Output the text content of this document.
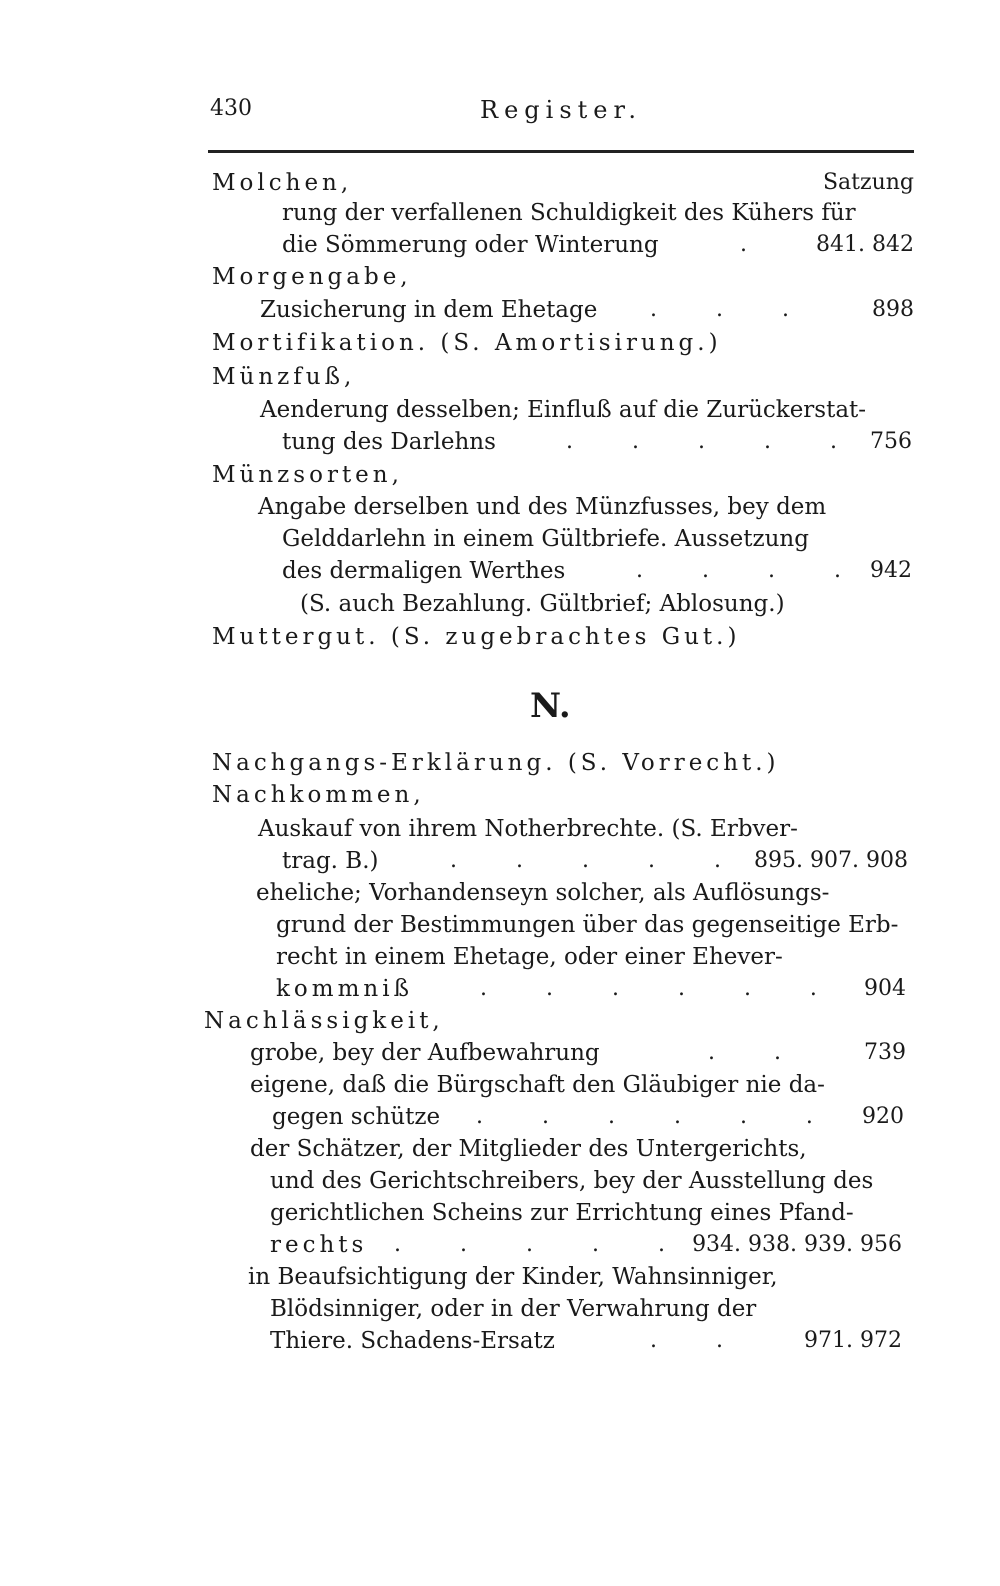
430	Register.
Molchen,	Satzung
rung der verfallenen Schuldigkeit des Kühers für
die Sömmerung oder Winterung	.	841. 842
Morgengabe,
Zusicherung in dem Ehetage . . .	898
Mortifikation. (S. Amortisirung.)
Münzfuß,
Aenderung desselben; Einfluß auf die Zurückerstat-
tung des Darlehns	. . . . . 756
Münzsorten,
Angabe derselben und des Münzfusses, bey dem
Gelddarlehn in einem Gültbriefe. Aussetzung
des dermaligen Werthes	. . . . 942
(S. auch Bezahlung. Gültbrief; Ablosung.)
Muttergut. (S. zugebrachtes Gut.)
N.
Nachgangs-Erklärung. (S. Vorrecht.)
Nachkommen,
Auskauf von ihrem Notherbrechte. (S. Erbver-
trag. B.)	. . . . . 895. 907. 908
eheliche; Vorhandenseyn solcher, als Auflösungs-
grund der Bestimmungen über das gegenseitige Erb-
recht in einem Ehetage, oder einer Ehever-
kommniß	. . . . . . 904
Nachlässigkeit,
grobe, bey der Aufbewahrung	. .	739
eigene, daß die Bürgschaft den Gläubiger nie da-
gegen schütze . . . . . .	920
der Schätzer, der Mitglieder des Untergerichts,
und des Gerichtschreibers, bey der Ausstellung des
gerichtlichen Scheins zur Errichtung eines Pfand-
rechts . . . . . 934. 938. 939. 956
in Beaufsichtigung der Kinder, Wahnsinniger,
Blödsinniger, oder in der Verwahrung der
Thiere. Schadens-Ersatz	. .	971. 972
